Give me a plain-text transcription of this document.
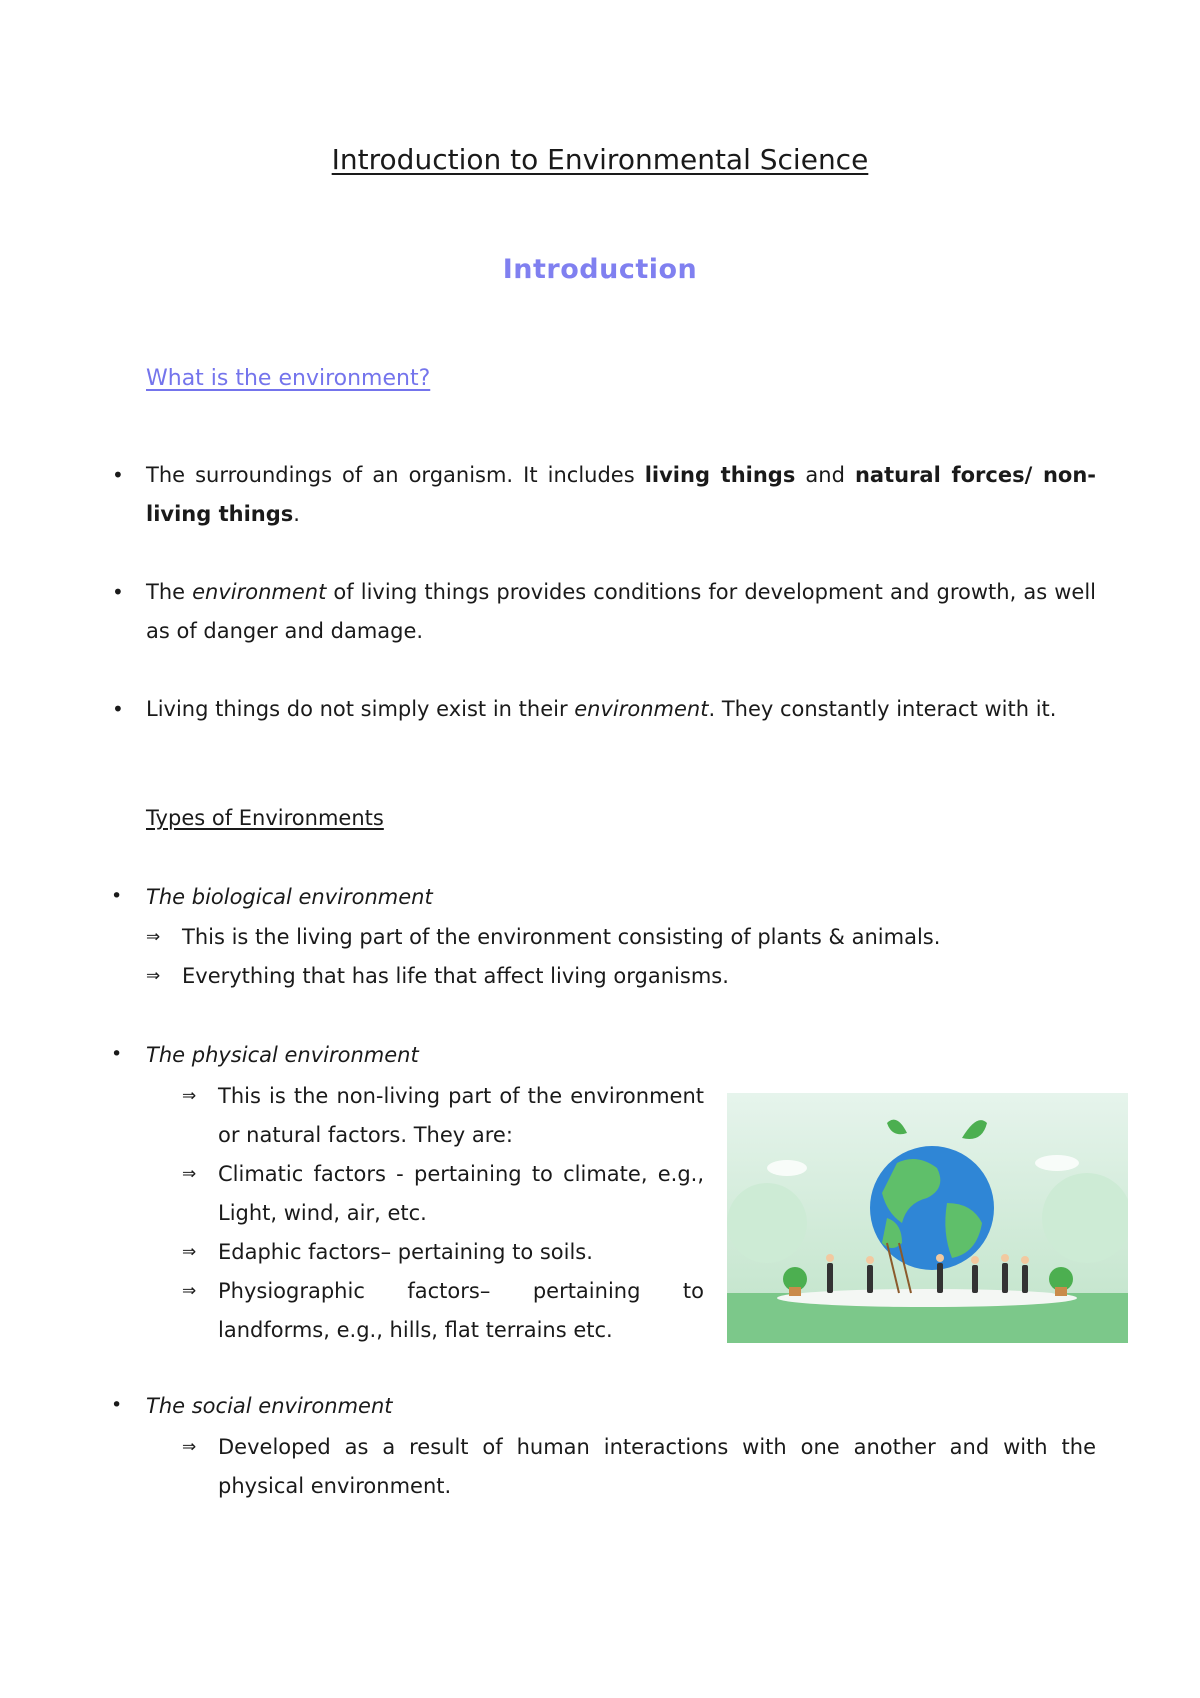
Introduction to Environmental Science
Introduction
What is the environment?
• The surroundings of an organism. It includes living things and natural forces/ non-living things.
• The environment of living things provides conditions for development and growth, as well as of danger and damage.
• Living things do not simply exist in their environment. They constantly interact with it.
Types of Environments
• The biological environment
⇒ This is the living part of the environment consisting of plants & animals.
⇒ Everything that has life that affect living organisms.
• The physical environment
⇒ This is the non-living part of the environment or natural factors. They are:
⇒ Climatic factors - pertaining to climate, e.g., Light, wind, air, etc.
⇒ Edaphic factors– pertaining to soils.
⇒ Physiographic factors– pertaining to landforms, e.g., hills, flat terrains etc.
• The social environment
⇒ Developed as a result of human interactions with one another and with the physical environment.
